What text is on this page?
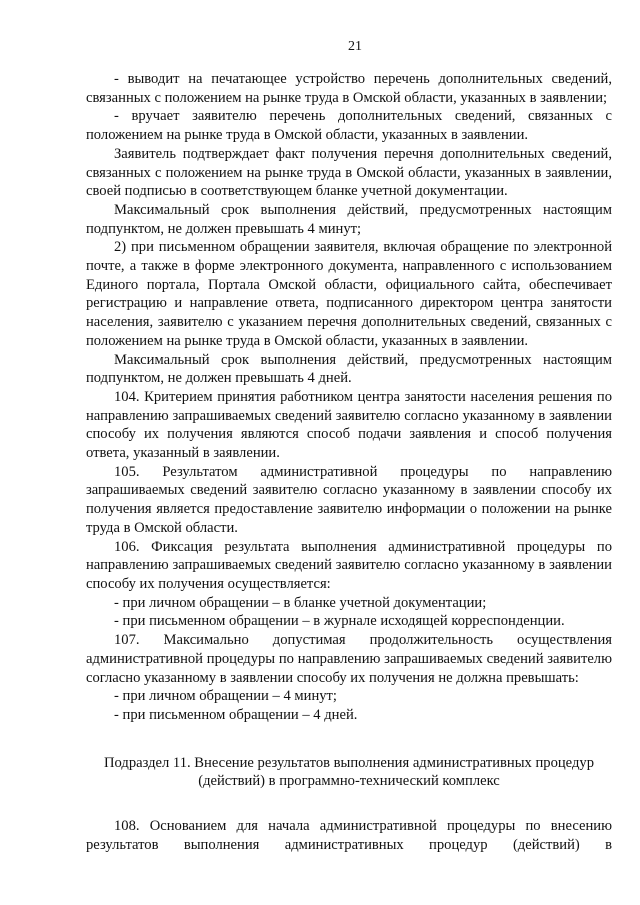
21

- выводит на печатающее устройство перечень дополнительных сведений, связанных с положением на рынке труда в Омской области, указанных в заявлении;

- вручает заявителю перечень дополнительных сведений, связанных с положением на рынке труда в Омской области, указанных в заявлении.

Заявитель подтверждает факт получения перечня дополнительных сведений, связанных с положением на рынке труда в Омской области, указанных в заявлении, своей подписью в соответствующем бланке учетной документации.

Максимальный срок выполнения действий, предусмотренных настоящим подпунктом, не должен превышать 4 минут;

2) при письменном обращении заявителя, включая обращение по электронной почте, а также в форме электронного документа, направленного с использованием Единого портала, Портала Омской области, официального сайта, обеспечивает регистрацию и направление ответа, подписанного директором центра занятости населения, заявителю с указанием перечня дополнительных сведений, связанных с положением на рынке труда в Омской области, указанных в заявлении.

Максимальный срок выполнения действий, предусмотренных настоящим подпунктом, не должен превышать 4 дней.

104. Критерием принятия работником центра занятости населения решения по направлению запрашиваемых сведений заявителю согласно указанному в заявлении способу их получения являются способ подачи заявления и способ получения ответа, указанный в заявлении.

105. Результатом административной процедуры по направлению запрашиваемых сведений заявителю согласно указанному в заявлении способу их получения является предоставление заявителю информации о положении на рынке труда в Омской области.

106. Фиксация результата выполнения административной процедуры по направлению запрашиваемых сведений заявителю согласно указанному в заявлении способу их получения осуществляется:

- при личном обращении – в бланке учетной документации;

- при письменном обращении – в журнале исходящей корреспонденции.

107. Максимально допустимая продолжительность осуществления административной процедуры по направлению запрашиваемых сведений заявителю согласно указанному в заявлении способу их получения не должна превышать:

- при личном обращении – 4 минут;

- при письменном обращении – 4 дней.

Подраздел 11. Внесение результатов выполнения административных процедур (действий) в программно-технический комплекс

108. Основанием для начала административной процедуры по внесению результатов выполнения административных процедур (действий) в
